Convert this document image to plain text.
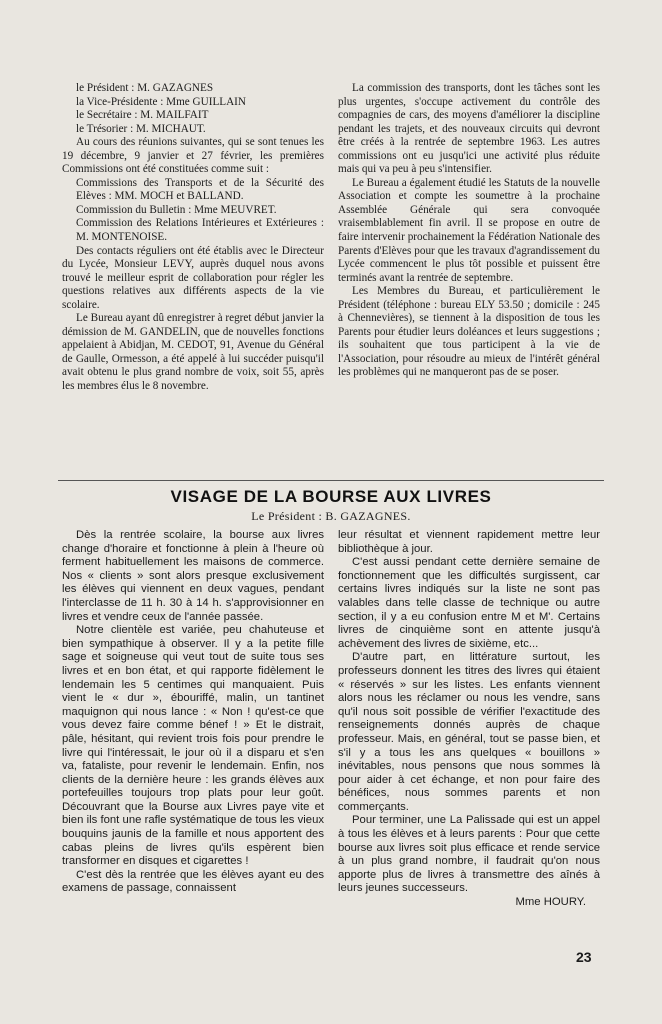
le Président : M. GAZAGNES

la Vice-Présidente : Mme GUILLAIN

le Secrétaire : M. MAILFAIT

le Trésorier : M. MICHAUT.

Au cours des réunions suivantes, qui se sont tenues les 19 décembre, 9 janvier et 27 février, les premières Commissions ont été constituées comme suit :

Commissions des Transports et de la Sécurité des Elèves : MM. MOCH et BALLAND.

Commission du Bulletin : Mme MEUVRET.

Commission des Relations Intérieures et Extérieures : M. MONTENOISE.

Des contacts réguliers ont été établis avec le Directeur du Lycée, Monsieur LEVY, auprès duquel nous avons trouvé le meilleur esprit de collaboration pour régler les questions relatives aux différents aspects de la vie scolaire.

Le Bureau ayant dû enregistrer à regret début janvier la démission de M. GANDELIN, que de nouvelles fonctions appelaient à Abidjan, M. CEDOT, 91, Avenue du Général de Gaulle, Ormesson, a été appelé à lui succéder puisqu'il avait obtenu le plus grand nombre de voix, soit 55, après les membres élus le 8 novembre.

La commission des transports, dont les tâches sont les plus urgentes, s'occupe activement du contrôle des compagnies de cars, des moyens d'améliorer la discipline pendant les trajets, et des nouveaux circuits qui devront être créés à la rentrée de septembre 1963. Les autres commissions ont eu jusqu'ici une activité plus réduite mais qui va peu à peu s'intensifier.

Le Bureau a également étudié les Statuts de la nouvelle Association et compte les soumettre à la prochaine Assemblée Générale qui sera convoquée vraisemblablement fin avril. Il se propose en outre de faire intervenir prochainement la Fédération Nationale des Parents d'Elèves pour que les travaux d'agrandissement du Lycée commencent le plus tôt possible et puissent être terminés avant la rentrée de septembre.

Les Membres du Bureau, et particulièrement le Président (téléphone : bureau ELY 53.50 ; domicile : 245 à Chennevières), se tiennent à la disposition de tous les Parents pour étudier leurs doléances et leurs suggestions ; ils souhaitent que tous participent à la vie de l'Association, pour résoudre au mieux de l'intérêt général les problèmes qui ne manqueront pas de se poser.

VISAGE DE LA BOURSE AUX LIVRES
Le Président : B. GAZAGNES.

Dès la rentrée scolaire, la bourse aux livres change d'horaire et fonctionne à plein à l'heure où ferment habituellement les maisons de commerce. Nos « clients » sont alors presque exclusivement les élèves qui viennent en deux vagues, pendant l'interclasse de 11 h. 30 à 14 h. s'approvisionner en livres et vendre ceux de l'année passée.

Notre clientèle est variée, peu chahuteuse et bien sympathique à observer. Il y a la petite fille sage et soigneuse qui veut tout de suite tous ses livres et en bon état, et qui rapporte fidèlement le lendemain les 5 centimes qui manquaient. Puis vient le « dur », ébouriffé, malin, un tantinet maquignon qui nous lance : « Non ! qu'est-ce que vous devez faire comme bénef ! » Et le distrait, pâle, hésitant, qui revient trois fois pour prendre le livre qui l'intéressait, le jour où il a disparu et s'en va, fataliste, pour revenir le lendemain. Enfin, nos clients de la dernière heure : les grands élèves aux portefeuilles toujours trop plats pour leur goût. Découvrant que la Bourse aux Livres paye vite et bien ils font une rafle systématique de tous les vieux bouquins jaunis de la famille et nous apportent des cabas pleins de livres qu'ils espèrent bien transformer en disques et cigarettes !

C'est dès la rentrée que les élèves ayant eu des examens de passage, connaissent

leur résultat et viennent rapidement mettre leur bibliothèque à jour.

C'est aussi pendant cette dernière semaine de fonctionnement que les difficultés surgissent, car certains livres indiqués sur la liste ne sont pas valables dans telle classe de technique ou autre section, il y a eu confusion entre M et M'. Certains livres de cinquième sont en attente jusqu'à achèvement des livres de sixième, etc...

D'autre part, en littérature surtout, les professeurs donnent les titres des livres qui étaient « réservés » sur les listes. Les enfants viennent alors nous les réclamer ou nous les vendre, sans qu'il nous soit possible de vérifier l'exactitude des renseignements donnés auprès de chaque professeur. Mais, en général, tout se passe bien, et s'il y a tous les ans quelques « bouillons » inévitables, nous pensons que nous sommes là pour aider à cet échange, et non pour faire des bénéfices, nous sommes parents et non commerçants.

Pour terminer, une La Palissade qui est un appel à tous les élèves et à leurs parents : Pour que cette bourse aux livres soit plus efficace et rende service à un plus grand nombre, il faudrait qu'on nous apporte plus de livres à transmettre des aînés à leurs jeunes successeurs.

Mme HOURY.

23
